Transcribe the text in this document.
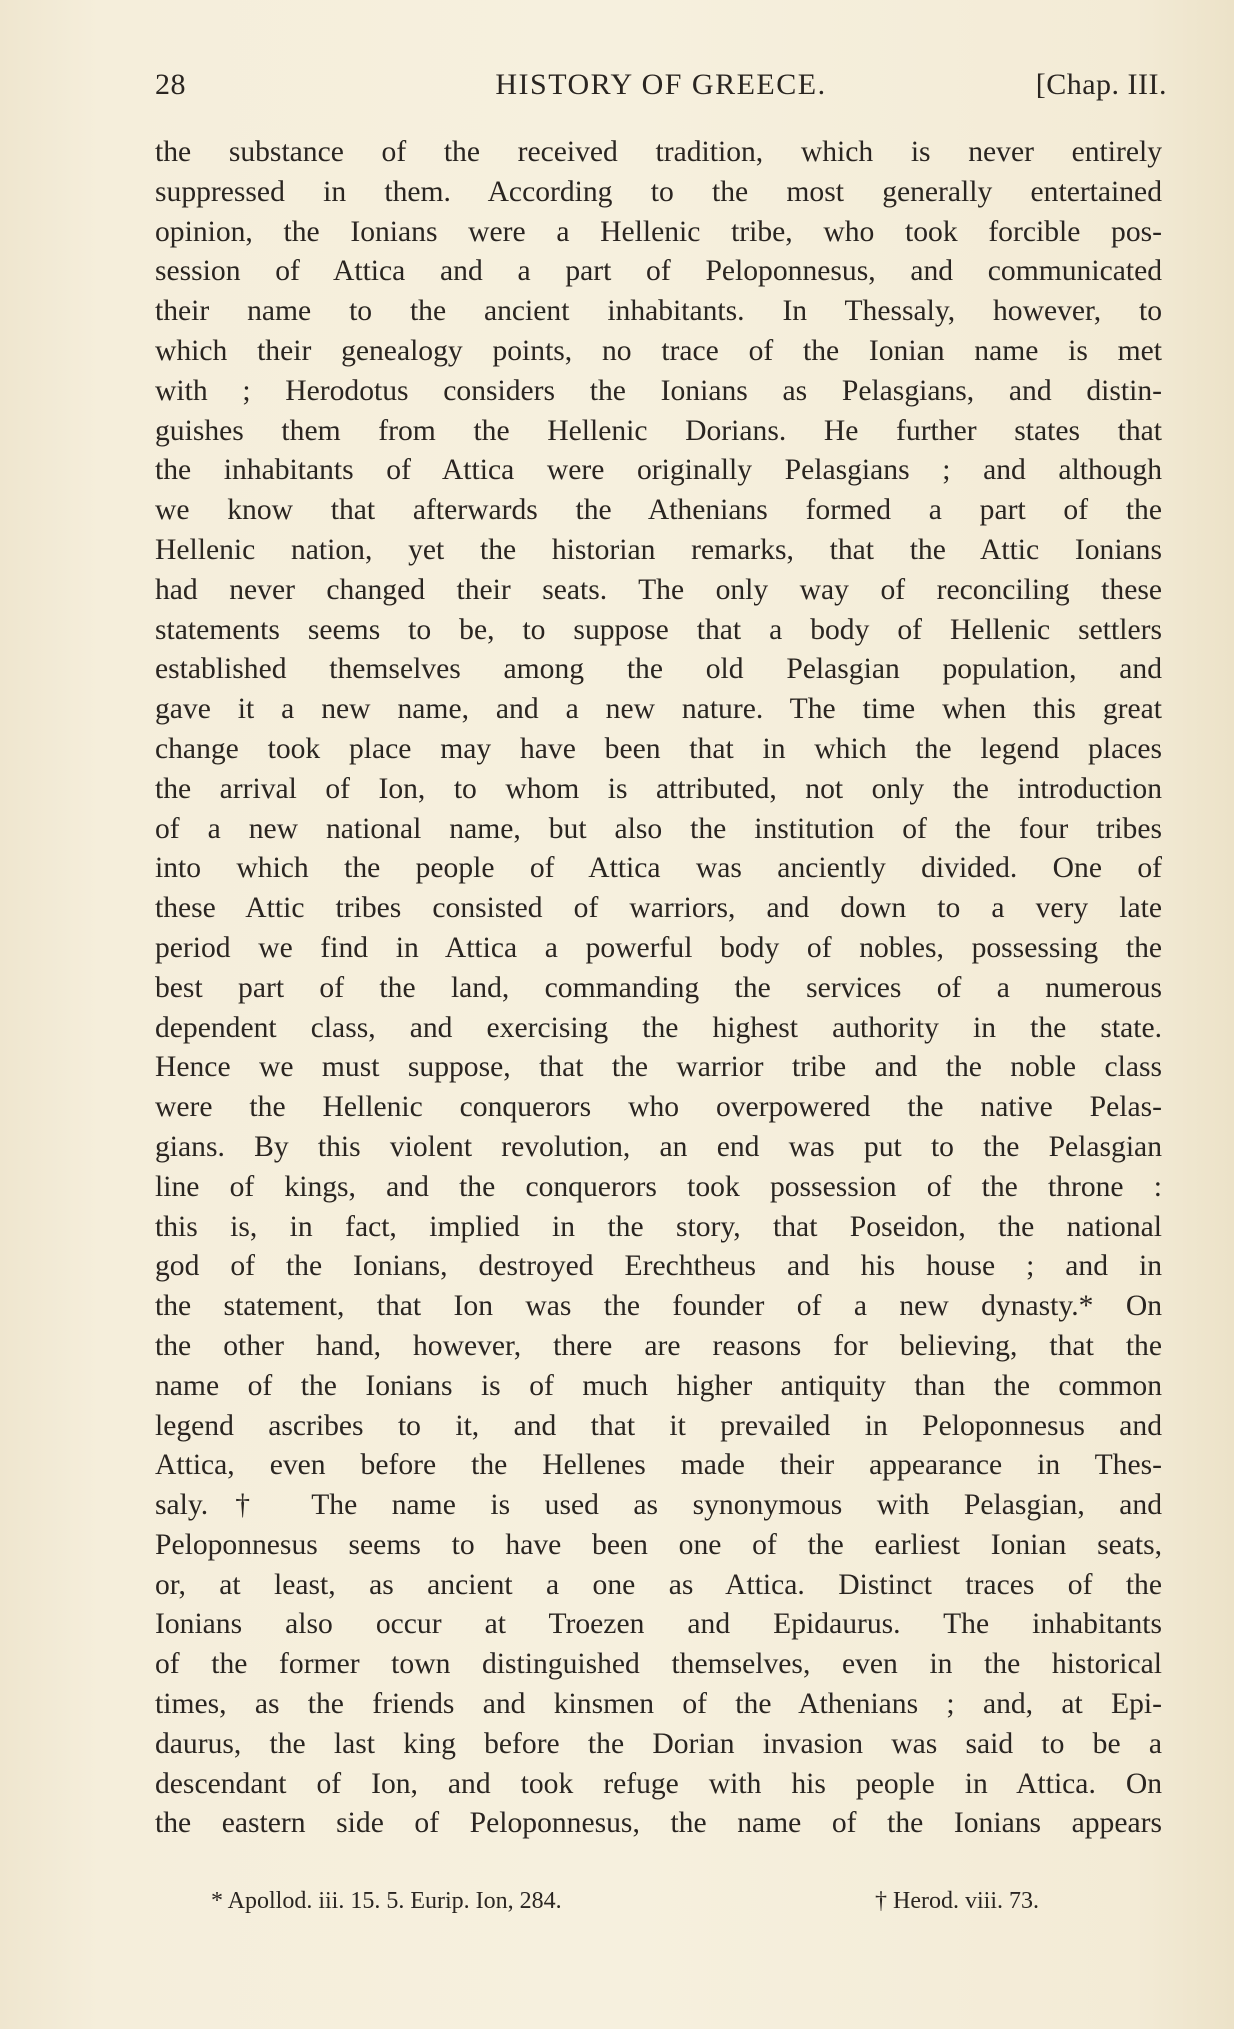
28	HISTORY OF GREECE.	[Chap. III.
the substance of the received tradition, which is never entirely
suppressed in them. According to the most generally entertained
opinion, the Ionians were a Hellenic tribe, who took forcible pos-
session of Attica and a part of Peloponnesus, and communicated
their name to the ancient inhabitants. In Thessaly, however, to
which their genealogy points, no trace of the Ionian name is met
with ; Herodotus considers the Ionians as Pelasgians, and distin-
guishes them from the Hellenic Dorians. He further states that
the inhabitants of Attica were originally Pelasgians ; and although
we know that afterwards the Athenians formed a part of the
Hellenic nation, yet the historian remarks, that the Attic Ionians
had never changed their seats. The only way of reconciling these
statements seems to be, to suppose that a body of Hellenic settlers
established themselves among the old Pelasgian population, and
gave it a new name, and a new nature. The time when this great
change took place may have been that in which the legend places
the arrival of Ion, to whom is attributed, not only the introduction
of a new national name, but also the institution of the four tribes
into which the people of Attica was anciently divided. One of
these Attic tribes consisted of warriors, and down to a very late
period we find in Attica a powerful body of nobles, possessing the
best part of the land, commanding the services of a numerous
dependent class, and exercising the highest authority in the state.
Hence we must suppose, that the warrior tribe and the noble class
were the Hellenic conquerors who overpowered the native Pelas-
gians. By this violent revolution, an end was put to the Pelasgian
line of kings, and the conquerors took possession of the throne :
this is, in fact, implied in the story, that Poseidon, the national
god of the Ionians, destroyed Erechtheus and his house ; and in
the statement, that Ion was the founder of a new dynasty.* On
the other hand, however, there are reasons for believing, that the
name of the Ionians is of much higher antiquity than the common
legend ascribes to it, and that it prevailed in Peloponnesus and
Attica, even before the Hellenes made their appearance in Thes-
saly.† The name is used as synonymous with Pelasgian, and
Peloponnesus seems to have been one of the earliest Ionian seats,
or, at least, as ancient a one as Attica. Distinct traces of the
Ionians also occur at Troezen and Epidaurus. The inhabitants
of the former town distinguished themselves, even in the historical
times, as the friends and kinsmen of the Athenians ; and, at Epi-
daurus, the last king before the Dorian invasion was said to be a
descendant of Ion, and took refuge with his people in Attica. On
the eastern side of Peloponnesus, the name of the Ionians appears
* Apollod. iii. 15. 5. Eurip. Ion, 284.	† Herod. viii. 73.
